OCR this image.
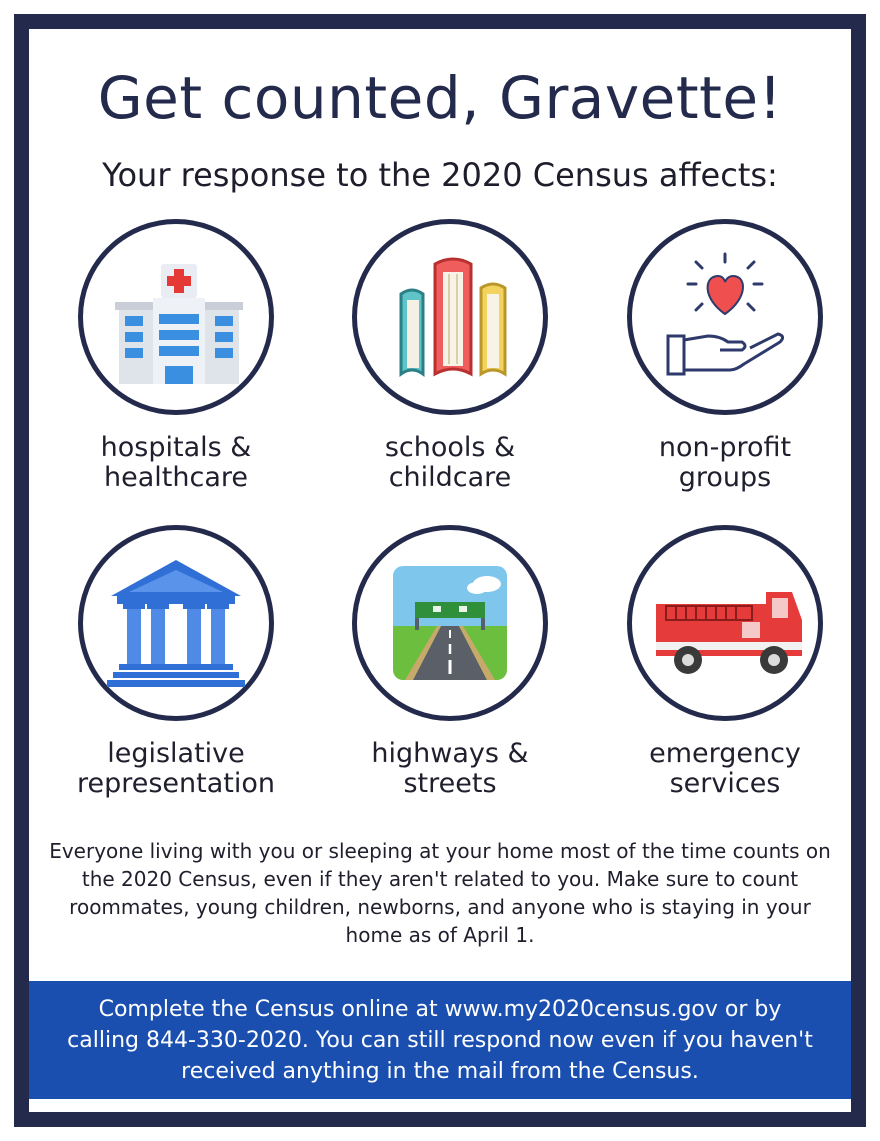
Get counted, Gravette!
Your response to the 2020 Census affects:
hospitals &
healthcare
schools &
childcare
non-profit
groups
legislative
representation
highways &
streets
emergency
services
Everyone living with you or sleeping at your home most of the time counts on the 2020 Census, even if they aren't related to you. Make sure to count roommates, young children, newborns, and anyone who is staying in your home as of April 1.
Complete the Census online at www.my2020census.gov or by calling 844-330-2020. You can still respond now even if you haven't received anything in the mail from the Census.
